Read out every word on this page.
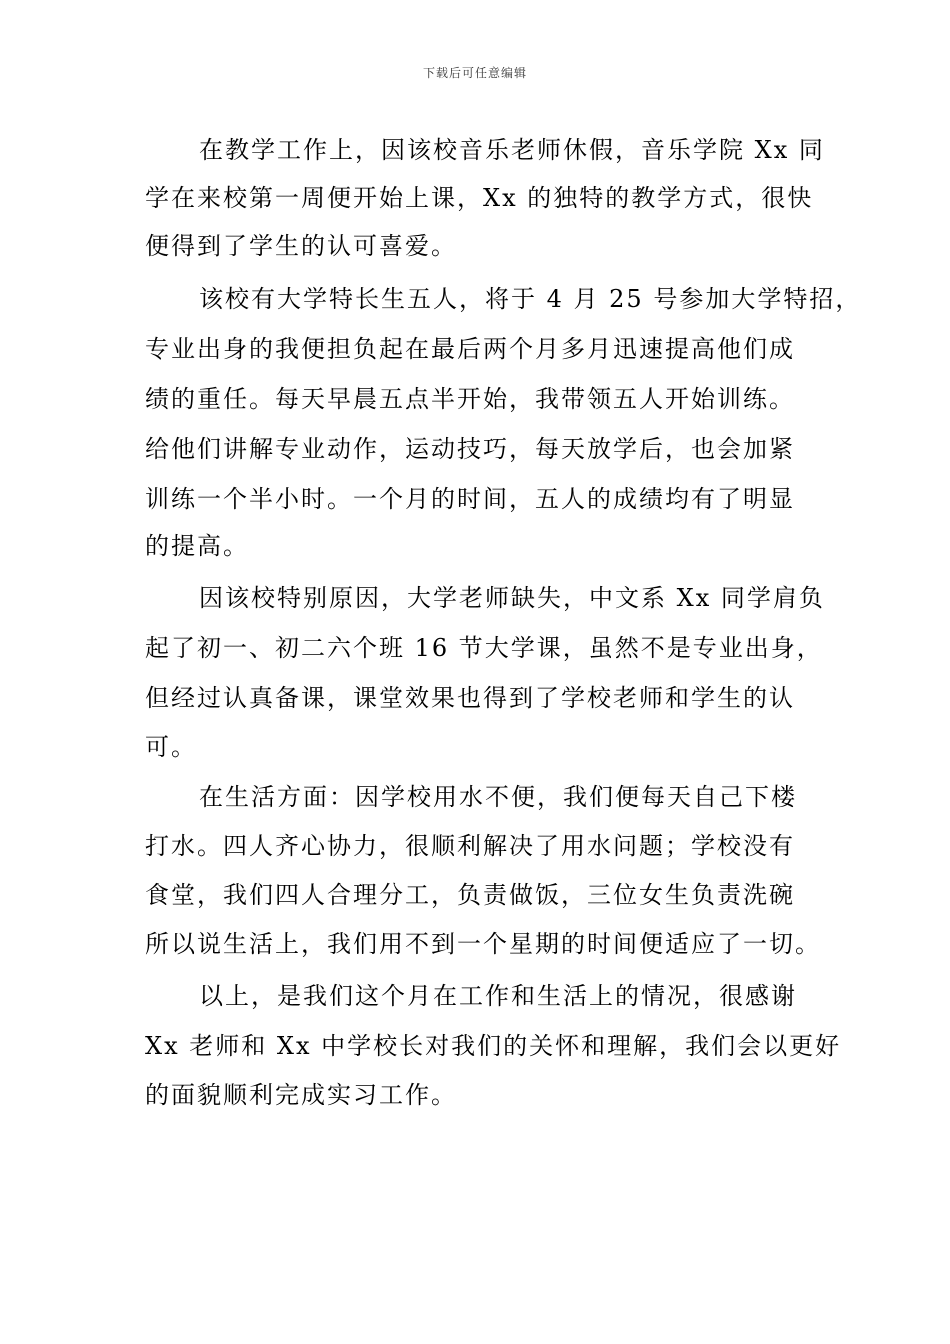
下载后可任意编辑
在教学工作上，因该校音乐老师休假，音乐学院 Xx 同
学在来校第一周便开始上课，Xx 的独特的教学方式，很快
便得到了学生的认可喜爱。
该校有大学特长生五人，将于 4 月 25 号参加大学特招，
专业出身的我便担负起在最后两个月多月迅速提高他们成
绩的重任。每天早晨五点半开始，我带领五人开始训练。
给他们讲解专业动作，运动技巧，每天放学后，也会加紧
训练一个半小时。一个月的时间，五人的成绩均有了明显
的提高。
因该校特别原因，大学老师缺失，中文系 Xx 同学肩负
起了初一、初二六个班 16 节大学课，虽然不是专业出身，
但经过认真备课，课堂效果也得到了学校老师和学生的认
可。
在生活方面：因学校用水不便，我们便每天自己下楼
打水。四人齐心协力，很顺利解决了用水问题；学校没有
食堂，我们四人合理分工，负责做饭，三位女生负责洗碗
所以说生活上，我们用不到一个星期的时间便适应了一切。
以上，是我们这个月在工作和生活上的情况，很感谢
Xx 老师和 Xx 中学校长对我们的关怀和理解，我们会以更好
的面貌顺利完成实习工作。
